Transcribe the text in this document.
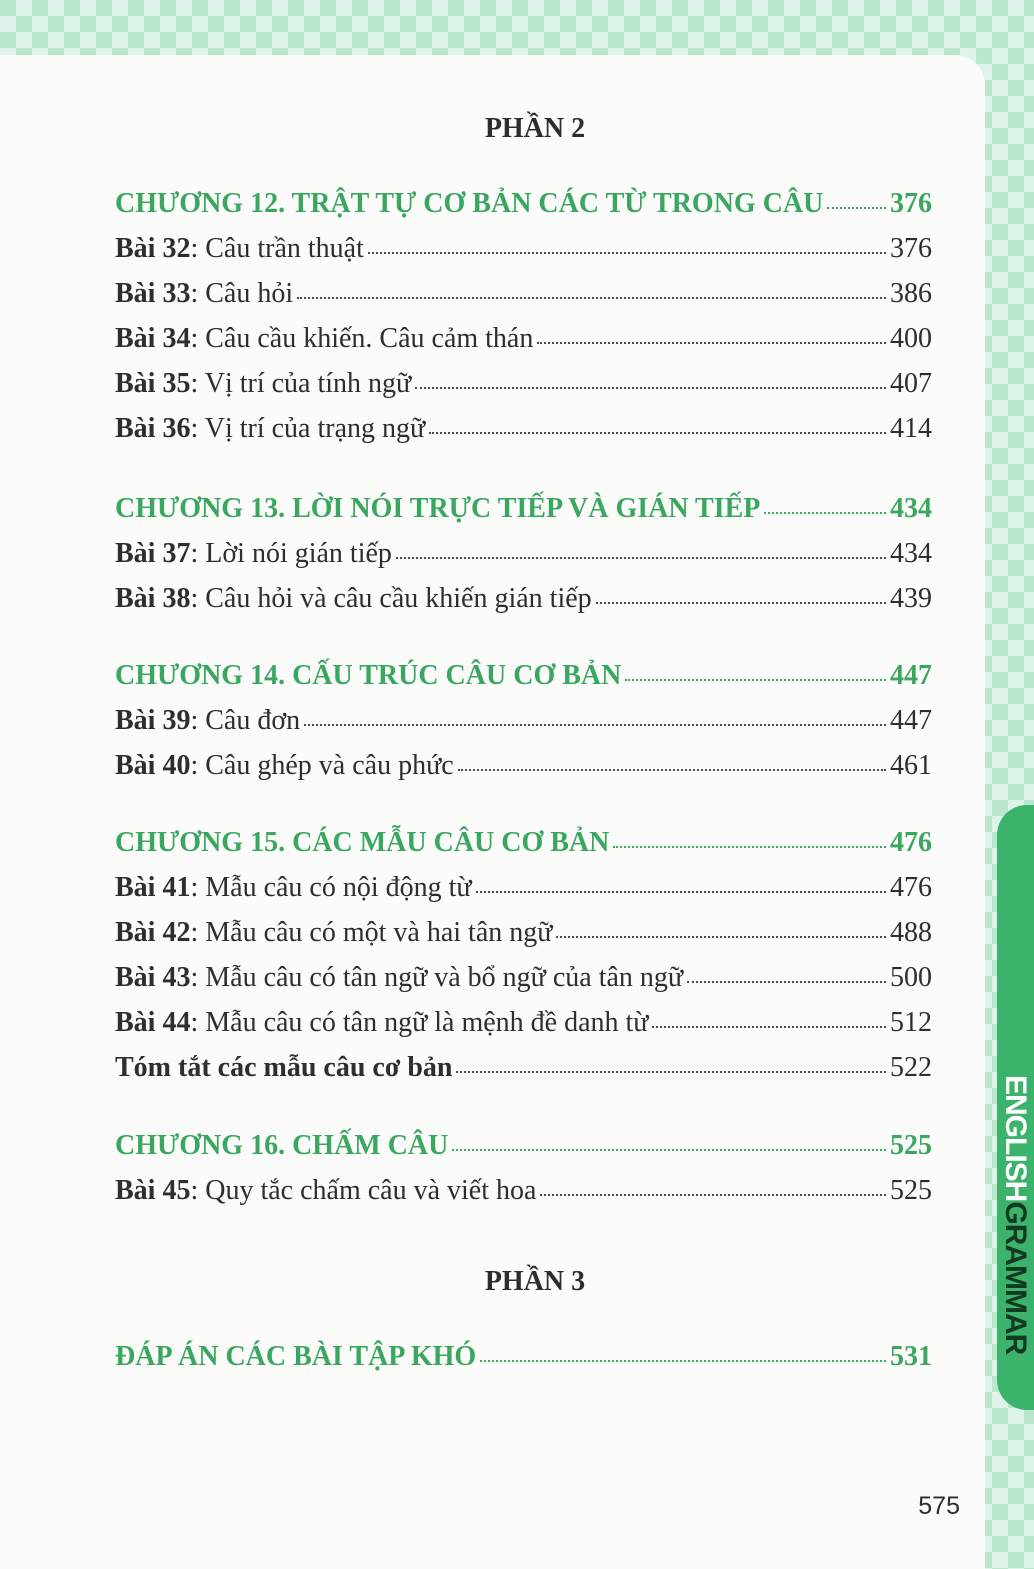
ENGLISHGRAMMAR
PHẦN 2
CHƯƠNG 12. TRẬT TỰ CƠ BẢN CÁC TỪ TRONG CÂU 376
Bài 32: Câu trần thuật	376
Bài 33: Câu hỏi	386
Bài 34: Câu cầu khiến. Câu cảm thán	400
Bài 35: Vị trí của tính ngữ	407
Bài 36: Vị trí của trạng ngữ	414
CHƯƠNG 13. LỜI NÓI TRỰC TIẾP VÀ GIÁN TIẾP	434
Bài 37: Lời nói gián tiếp	434
Bài 38: Câu hỏi và câu cầu khiến gián tiếp	439
CHƯƠNG 14. CẤU TRÚC CÂU CƠ BẢN	447
Bài 39: Câu đơn	447
Bài 40: Câu ghép và câu phức	461
CHƯƠNG 15. CÁC MẪU CÂU CƠ BẢN	476
Bài 41: Mẫu câu có nội động từ	476
Bài 42: Mẫu câu có một và hai tân ngữ	488
Bài 43: Mẫu câu có tân ngữ và bổ ngữ của tân ngữ	500
Bài 44: Mẫu câu có tân ngữ là mệnh đề danh từ	512
Tóm tắt các mẫu câu cơ bản	522
CHƯƠNG 16. CHẤM CÂU	525
Bài 45: Quy tắc chấm câu và viết hoa	525
PHẦN 3
ĐÁP ÁN CÁC BÀI TẬP KHÓ	531
575
